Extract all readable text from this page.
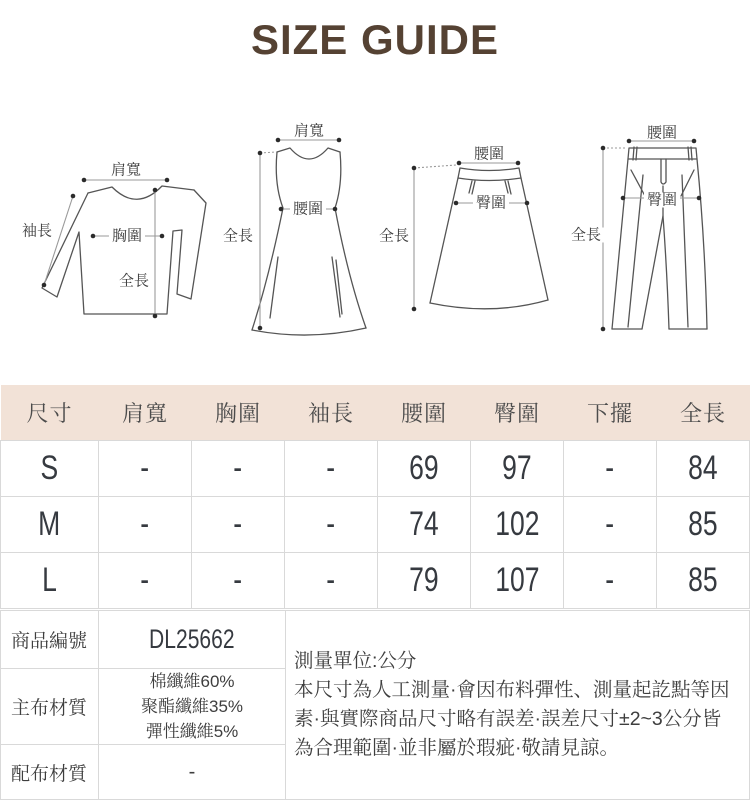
SIZE GUIDE
肩寬
袖長	胸圍
全長
肩寬
腰圍
全長
腰圍
臀圍
全長
腰圍
臀圍
全長
尺寸	肩寬	胸圍	袖長	腰圍	臀圍	下擺	全長
S	-	-	-	69	97	-	84
M	-	-	-	74	102	-	85
L	-	-	-	79	107	-	85
商品編號	DL25662	測量單位:公分
本尺寸為人工測量·會因布料彈性、測量起訖點等因素·與實際商品尺寸略有誤差·誤差尺寸±2~3公分皆為合理範圍·並非屬於瑕疵·敬請見諒。

主布材質	棉纖維60%
聚酯纖維35%
彈性纖維5%	

配布材質	-	
